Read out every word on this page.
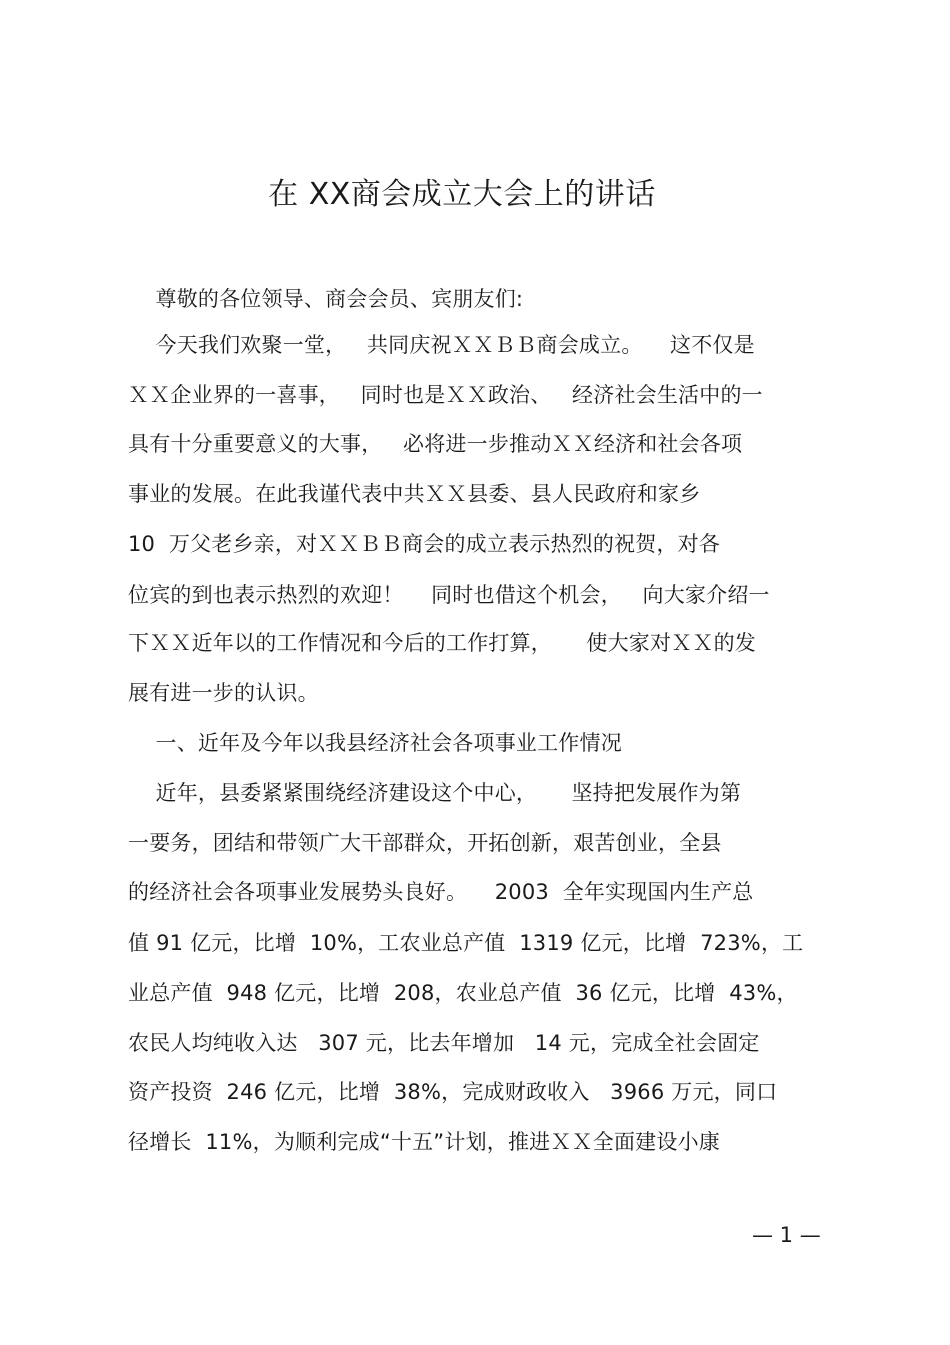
在 XX商会成立大会上的讲话
尊敬的各位领导、商会会员、宾朋友们:
今天我们欢聚一堂，   共同庆祝ＸＸＢＢ商会成立。    这不仅是
ＸＸ企业界的一喜事，   同时也是ＸＸ政治、   经济社会生活中的一
具有十分重要意义的大事，   必将进一步推动ＸＸ经济和社会各项
事业的发展。在此我谨代表中共ＸＸ县委、县人民政府和家乡
10  万父老乡亲，对ＸＸＢＢ商会的成立表示热烈的祝贺，对各
位宾的到也表示热烈的欢迎！    同时也借这个机会，   向大家介绍一
下ＸＸ近年以的工作情况和今后的工作打算，     使大家对ＸＸ的发
展有进一步的认识。
一、近年及今年以我县经济社会各项事业工作情况
近年，县委紧紧围绕经济建设这个中心，     坚持把发展作为第
一要务，团结和带领广大干部群众，开拓创新，艰苦创业，全县
的经济社会各项事业发展势头良好。    2003  全年实现国内生产总
值 91 亿元，比增  10%，工农业总产值  1319 亿元，比增  723%，工
业总产值  948 亿元，比增  208，农业总产值  36 亿元，比增  43%，
农民人均纯收入达   307 元，比去年增加   14 元，完成全社会固定
资产投资  246 亿元，比增  38%，完成财政收入   3966 万元，同口
径增长  11%，为顺利完成“十五”计划，推进ＸＸ全面建设小康
— 1 —
